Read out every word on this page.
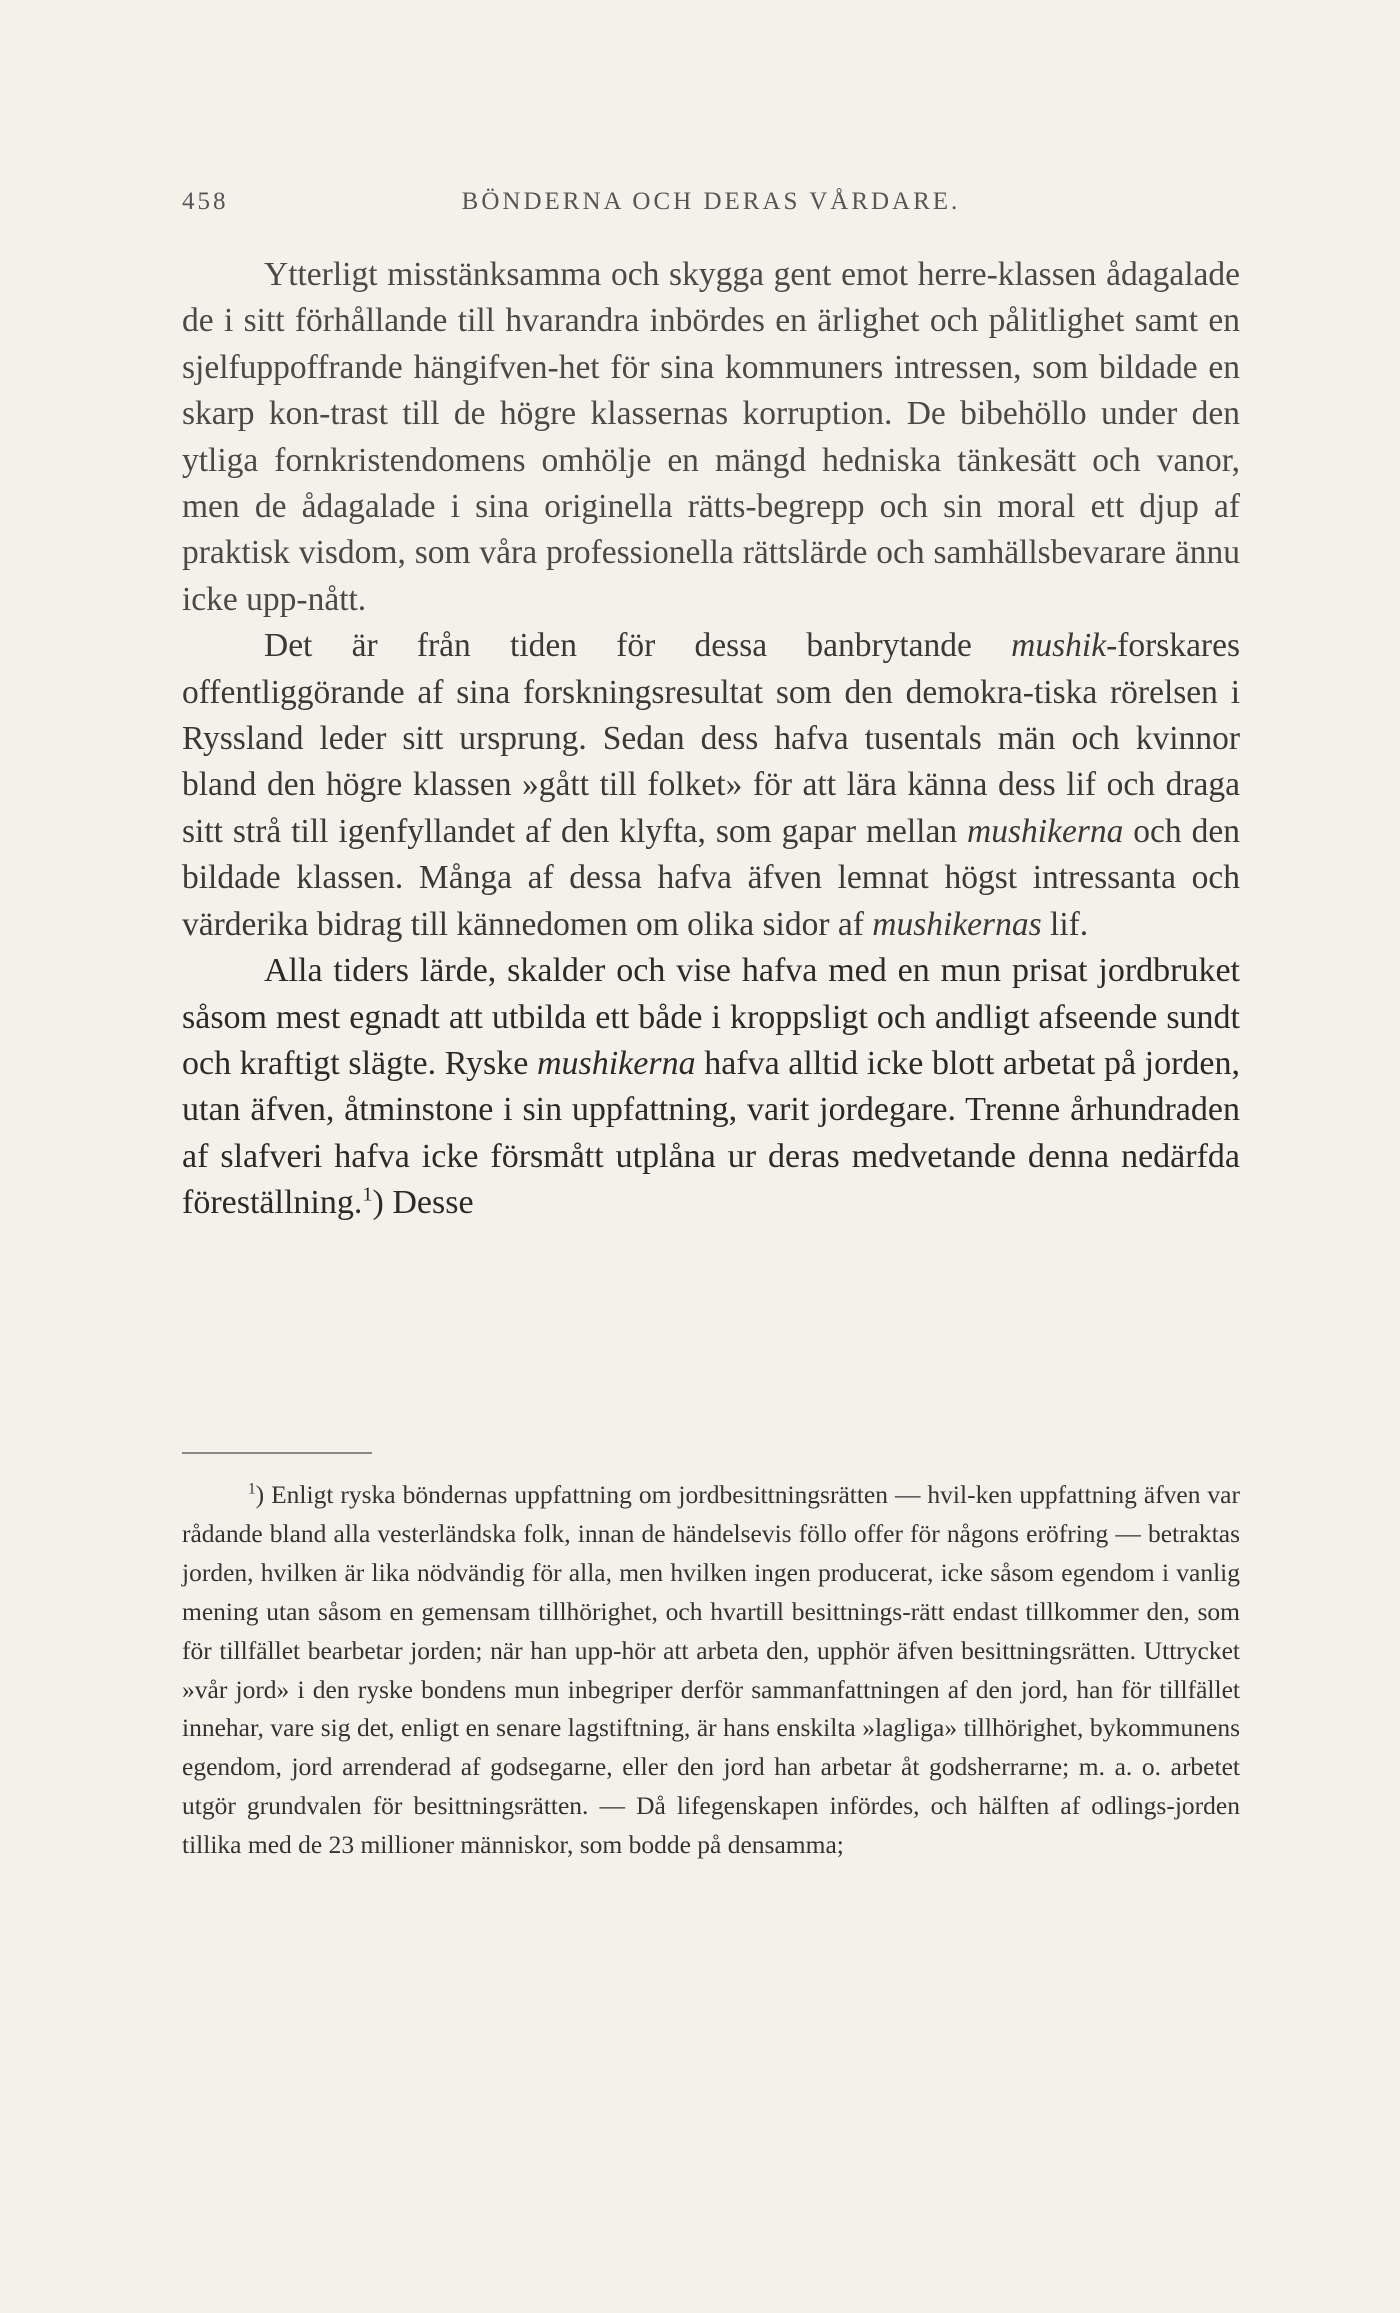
458	BÖNDERNA OCH DERAS VÅRDARE.

Ytterligt misstänksamma och skygga gent emot herre-klassen ådagalade de i sitt förhållande till hvarandra inbördes en ärlighet och pålitlighet samt en sjelfuppoffrande hängifven-het för sina kommuners intressen, som bildade en skarp kon-trast till de högre klassernas korruption. De bibehöllo under den ytliga fornkristendomens omhölje en mängd hedniska tänkesätt och vanor, men de ådagalade i sina originella rätts-begrepp och sin moral ett djup af praktisk visdom, som våra professionella rättslärde och samhällsbevarare ännu icke upp-nått.

Det är från tiden för dessa banbrytande mushik-forskares offentliggörande af sina forskningsresultat som den demokra-tiska rörelsen i Ryssland leder sitt ursprung. Sedan dess hafva tusentals män och kvinnor bland den högre klassen »gått till folket» för att lära känna dess lif och draga sitt strå till igenfyllandet af den klyfta, som gapar mellan mushikerna och den bildade klassen. Många af dessa hafva äfven lemnat högst intressanta och värderika bidrag till kännedomen om olika sidor af mushikernas lif.

Alla tiders lärde, skalder och vise hafva med en mun prisat jordbruket såsom mest egnadt att utbilda ett både i kroppsligt och andligt afseende sundt och kraftigt slägte. Ryske mushikerna hafva alltid icke blott arbetat på jorden, utan äfven, åtminstone i sin uppfattning, varit jordegare. Trenne århundraden af slafveri hafva icke försmått utplåna ur deras medvetande denna nedärfda föreställning.$^1$) Desse

$^1$) Enligt ryska böndernas uppfattning om jordbesittningsrätten — hvil-ken uppfattning äfven var rådande bland alla vesterländska folk, innan de händelsevis föllo offer för någons eröfring — betraktas jorden, hvilken är lika nödvändig för alla, men hvilken ingen producerat, icke såsom egendom i vanlig mening utan såsom en gemensam tillhörighet, och hvartill besittnings-rätt endast tillkommer den, som för tillfället bearbetar jorden; när han upp-hör att arbeta den, upphör äfven besittningsrätten. Uttrycket »vår jord» i den ryske bondens mun inbegriper derför sammanfattningen af den jord, han för tillfället innehar, vare sig det, enligt en senare lagstiftning, är hans enskilta »lagliga» tillhörighet, bykommunens egendom, jord arrenderad af godsegarne, eller den jord han arbetar åt godsherrarne; m. a. o. arbetet utgör grundvalen för besittningsrätten. — Då lifegenskapen infördes, och hälften af odlings-jorden tillika med de 23 millioner människor, som bodde på densamma;
